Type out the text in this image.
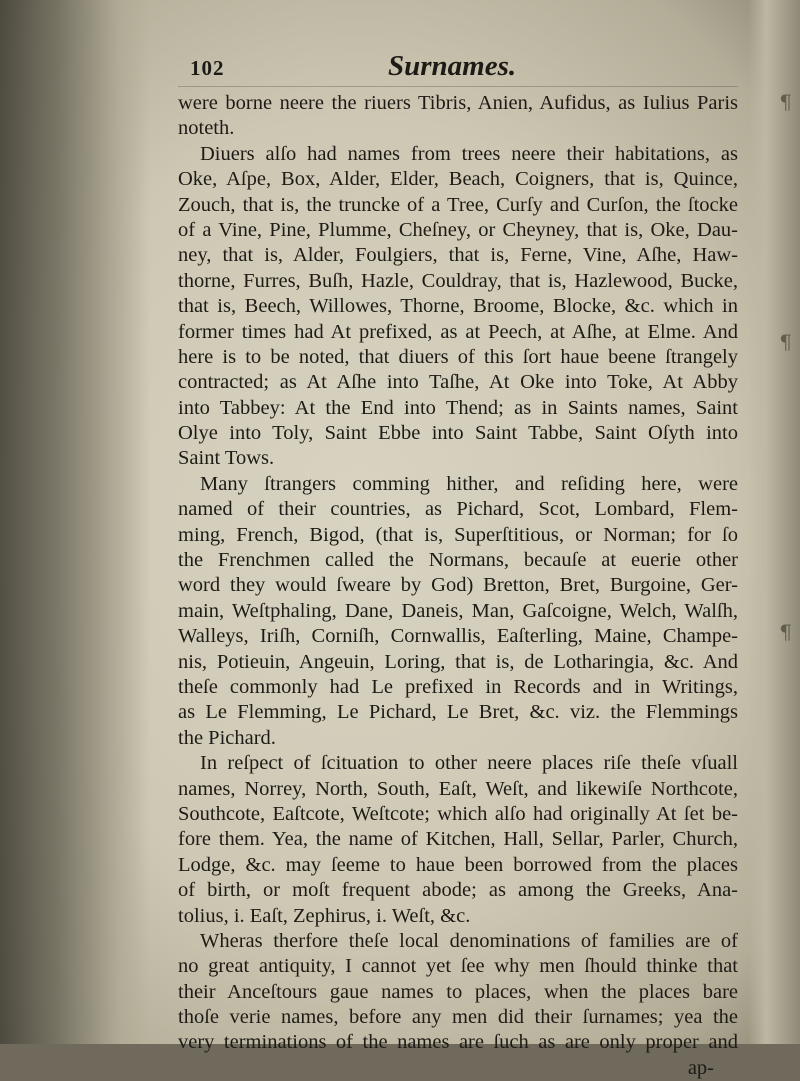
¶
¶
¶
102	Surnames.
were borne neere the riuers Tibris, Anien, Aufidus, as Iulius Paris
noteth.
Diuers alſo had names from trees neere their habitations, as
Oke, Aſpe, Box, Alder, Elder, Beach, Coigners, that is, Quince,
Zouch, that is, the truncke of a Tree, Curſy and Curſon, the ſtocke
of a Vine, Pine, Plumme, Cheſney, or Cheyney, that is, Oke, Dau-
ney, that is, Alder, Foulgiers, that is, Ferne, Vine, Aſhe, Haw-
thorne, Furres, Buſh, Hazle, Couldray, that is, Hazlewood, Bucke,
that is, Beech, Willowes, Thorne, Broome, Blocke, &c. which in
former times had At prefixed, as at Peech, at Aſhe, at Elme. And
here is to be noted, that diuers of this ſort haue beene ſtrangely
contracted; as At Aſhe into Taſhe, At Oke into Toke, At Abby
into Tabbey: At the End into Thend; as in Saints names, Saint
Olye into Toly, Saint Ebbe into Saint Tabbe, Saint Oſyth into
Saint Tows.
Many ſtrangers comming hither, and reſiding here, were
named of their countries, as Pichard, Scot, Lombard, Flem-
ming, French, Bigod, (that is, Superſtitious, or Norman; for ſo
the Frenchmen called the Normans, becauſe at euerie other
word they would ſweare by God) Bretton, Bret, Burgoine, Ger-
main, Weſtphaling, Dane, Daneis, Man, Gaſcoigne, Welch, Walſh,
Walleys, Iriſh, Corniſh, Cornwallis, Eaſterling, Maine, Champe-
nis, Potieuin, Angeuin, Loring, that is, de Lotharingia, &c. And
theſe commonly had Le prefixed in Records and in Writings,
as Le Flemming, Le Pichard, Le Bret, &c. viz. the Flemmings
the Pichard.
In reſpect of ſcituation to other neere places riſe theſe vſuall
names, Norrey, North, South, Eaſt, Weſt, and likewiſe Northcote,
Southcote, Eaſtcote, Weſtcote; which alſo had originally At ſet be-
fore them. Yea, the name of Kitchen, Hall, Sellar, Parler, Church,
Lodge, &c. may ſeeme to haue been borrowed from the places
of birth, or moſt frequent abode; as among the Greeks, Ana-
tolius, i. Eaſt, Zephirus, i. Weſt, &c.
Wheras therfore theſe local denominations of families are of
no great antiquity, I cannot yet ſee why men ſhould thinke that
their Anceſtours gaue names to places, when the places bare
thoſe verie names, before any men did their ſurnames; yea the
very terminations of the names are ſuch as are only proper and
ap-
